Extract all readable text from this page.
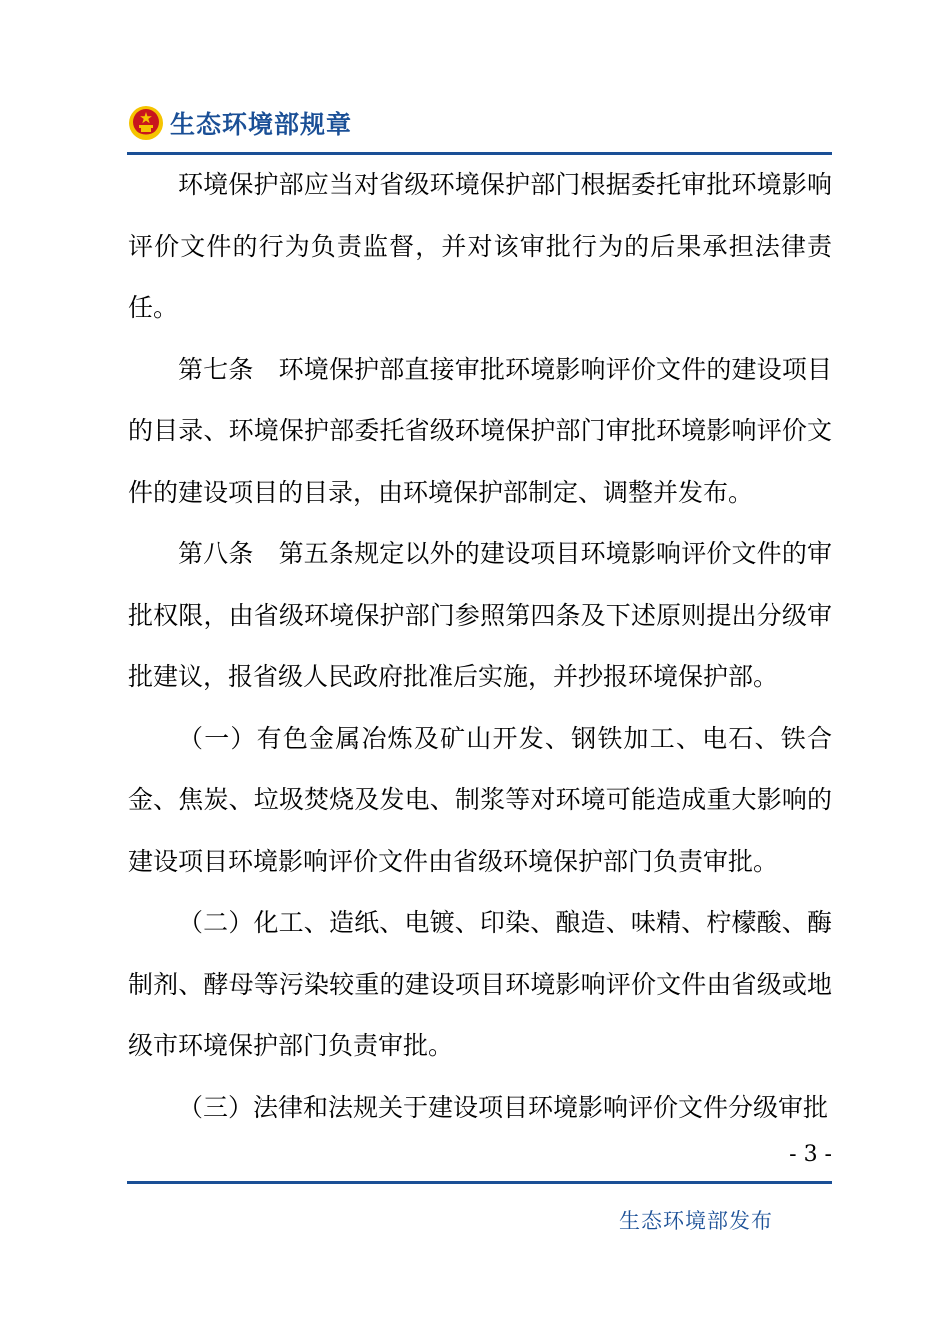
生态环境部规章

环境保护部应当对省级环境保护部门根据委托审批环境影响评价文件的行为负责监督，并对该审批行为的后果承担法律责任。

第七条　环境保护部直接审批环境影响评价文件的建设项目的目录、环境保护部委托省级环境保护部门审批环境影响评价文件的建设项目的目录，由环境保护部制定、调整并发布。

第八条　第五条规定以外的建设项目环境影响评价文件的审批权限，由省级环境保护部门参照第四条及下述原则提出分级审批建议，报省级人民政府批准后实施，并抄报环境保护部。

（一）有色金属冶炼及矿山开发、钢铁加工、电石、铁合金、焦炭、垃圾焚烧及发电、制浆等对环境可能造成重大影响的建设项目环境影响评价文件由省级环境保护部门负责审批。

（二）化工、造纸、电镀、印染、酿造、味精、柠檬酸、酶制剂、酵母等污染较重的建设项目环境影响评价文件由省级或地级市环境保护部门负责审批。

（三）法律和法规关于建设项目环境影响评价文件分级审批

- 3 -
生态环境部发布
